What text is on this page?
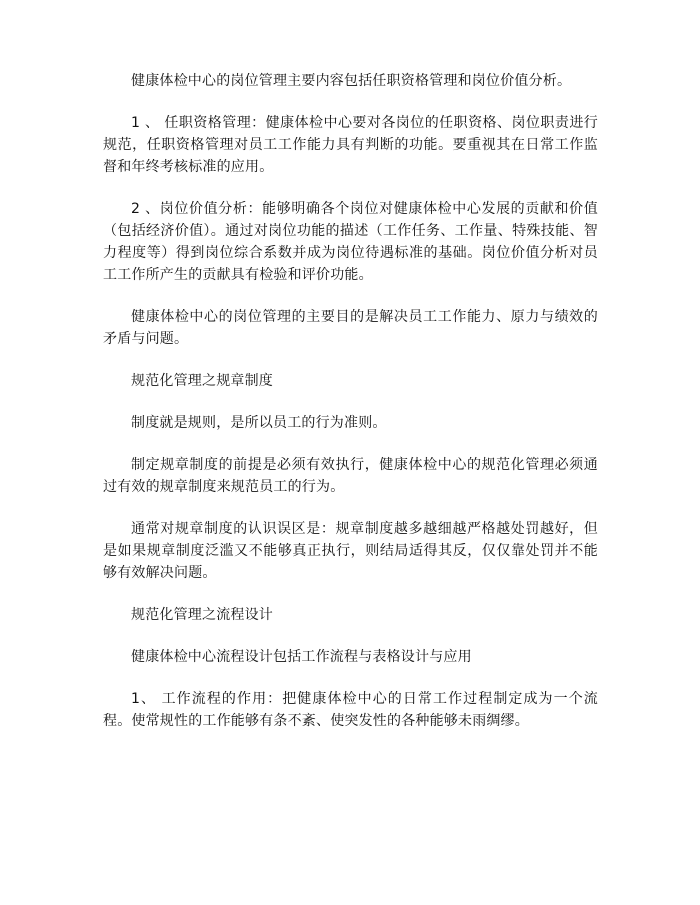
健康体检中心的岗位管理主要内容包括任职资格管理和岗位价值分析。

1 、 任职资格管理：健康体检中心要对各岗位的任职资格、岗位职责进行规范，任职资格管理对员工工作能力具有判断的功能。要重视其在日常工作监督和年终考核标准的应用。

2 、岗位价值分析：能够明确各个岗位对健康体检中心发展的贡献和价值（包括经济价值）。通过对岗位功能的描述（工作任务、工作量、特殊技能、智力程度等）得到岗位综合系数并成为岗位待遇标准的基础。岗位价值分析对员工工作所产生的贡献具有检验和评价功能。

健康体检中心的岗位管理的主要目的是解决员工工作能力、原力与绩效的矛盾与问题。

规范化管理之规章制度

制度就是规则，是所以员工的行为准则。

制定规章制度的前提是必须有效执行，健康体检中心的规范化管理必须通过有效的规章制度来规范员工的行为。

通常对规章制度的认识误区是：规章制度越多越细越严格越处罚越好，但是如果规章制度泛滥又不能够真正执行，则结局适得其反，仅仅靠处罚并不能够有效解决问题。

规范化管理之流程设计

健康体检中心流程设计包括工作流程与表格设计与应用

1、 工作流程的作用：把健康体检中心的日常工作过程制定成为一个流程。使常规性的工作能够有条不紊、使突发性的各种能够未雨绸缪。
